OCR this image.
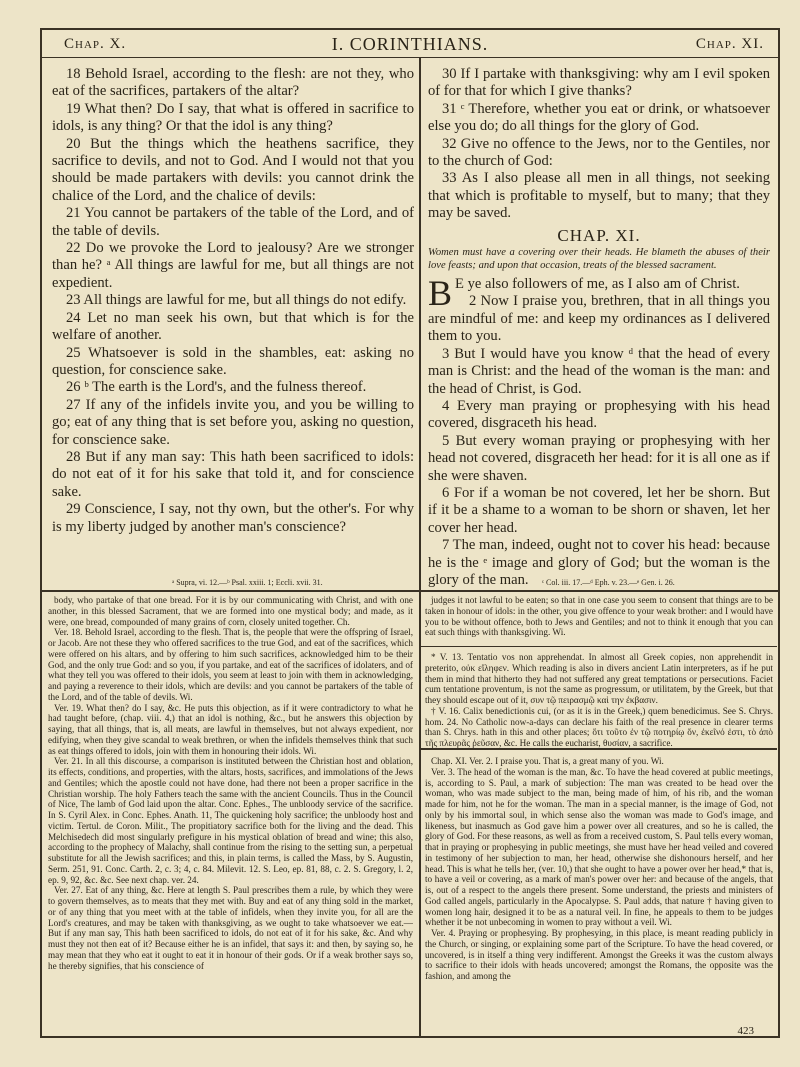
Chap. X.	I. CORINTHIANS.	Chap. XI.

18 Behold Israel, according to the flesh: are not they, who eat of the sacrifices, partakers of the altar?

19 What then? Do I say, that what is offered in sacrifice to idols, is any thing? Or that the idol is any thing?

20 But the things which the heathens sacrifice, they sacrifice to devils, and not to God. And I would not that you should be made partakers with devils: you cannot drink the chalice of the Lord, and the chalice of devils:

21 You cannot be partakers of the table of the Lord, and of the table of devils.

22 Do we provoke the Lord to jealousy? Are we stronger than he? ᵃ All things are lawful for me, but all things are not expedient.

23 All things are lawful for me, but all things do not edify.

24 Let no man seek his own, but that which is for the welfare of another.

25 Whatsoever is sold in the shambles, eat: asking no question, for conscience sake.

26 ᵇ The earth is the Lord's, and the fulness thereof.

27 If any of the infidels invite you, and you be willing to go; eat of any thing that is set before you, asking no question, for conscience sake.

28 But if any man say: This hath been sacrificed to idols: do not eat of it for his sake that told it, and for conscience sake.

29 Conscience, I say, not thy own, but the other's. For why is my liberty judged by another man's conscience?

30 If I partake with thanksgiving: why am I evil spoken of for that for which I give thanks?

31 ᶜ Therefore, whether you eat or drink, or whatsoever else you do; do all things for the glory of God.

32 Give no offence to the Jews, nor to the Gentiles, nor to the church of God:

33 As I also please all men in all things, not seeking that which is profitable to myself, but to many; that they may be saved.

CHAP. XI.
Women must have a covering over their heads. He blameth the abuses of their love feasts; and upon that occasion, treats of the blessed sacrament.

B E ye also followers of me, as I also am of Christ.

2 Now I praise you, brethren, that in all things you are mindful of me: and keep my ordinances as I delivered them to you.

3 But I would have you know ᵈ that the head of every man is Christ: and the head of the woman is the man: and the head of Christ, is God.

4 Every man praying or prophesying with his head covered, disgraceth his head.

5 But every woman praying or prophesying with her head not covered, disgraceth her head: for it is all one as if she were shaven.

6 For if a woman be not covered, let her be shorn. But if it be a shame to a woman to be shorn or shaven, let her cover her head.

7 The man, indeed, ought not to cover his head: because he is the ᵉ image and glory of God; but the woman is the glory of the man.

ᵃ Supra, vi. 12.—ᵇ Psal. xxiii. 1; Eccli. xvii. 31.	ᶜ Col. iii. 17.—ᵈ Eph. v. 23.—ᵉ Gen. i. 26.

body, who partake of that one bread. For it is by our communicating with Christ, and with one another, in this blessed Sacrament, that we are formed into one mystical body; and made, as it were, one bread, compounded of many grains of corn, closely united together. Ch.

Ver. 18. Behold Israel, according to the flesh. That is, the people that were the offspring of Israel, or Jacob. Are not these they who offered sacrifices to the true God, and eat of the sacrifices, which were offered on his altars, and by offering to him such sacrifices, acknowledged him to be their God, and the only true God: and so you, if you partake, and eat of the sacrifices of idolaters, and of what they tell you was offered to their idols, you seem at least to join with them in acknowledging, and paying a reverence to their idols, which are devils: and you cannot be partakers of the table of the Lord, and of the table of devils. Wi.

Ver. 19. What then? do I say, &c. He puts this objection, as if it were contradictory to what he had taught before, (chap. viii. 4,) that an idol is nothing, &c., but he answers this objection by saying, that all things, that is, all meats, are lawful in themselves, but not always expedient, nor edifying, when they give scandal to weak brethren, or when the infidels themselves think that such as eat things offered to idols, join with them in honouring their idols. Wi.

Ver. 21. In all this discourse, a comparison is instituted between the Christian host and oblation, its effects, conditions, and properties, with the altars, hosts, sacrifices, and immolations of the Jews and Gentiles; which the apostle could not have done, had there not been a proper sacrifice in the Christian worship. The holy Fathers teach the same with the ancient Councils. Thus in the Council of Nice, The lamb of God laid upon the altar. Conc. Ephes., The unbloody service of the sacrifice. In S. Cyril Alex. in Conc. Ephes. Anath. 11, The quickening holy sacrifice; the unbloody host and victim. Tertul. de Coron. Milit., The propitiatory sacrifice both for the living and the dead. This Melchisedech did most singularly prefigure in his mystical oblation of bread and wine; this also, according to the prophecy of Malachy, shall continue from the rising to the setting sun, a perpetual substitute for all the Jewish sacrifices; and this, in plain terms, is called the Mass, by S. Augustin, Serm. 251, 91. Conc. Carth. 2, c. 3; 4, c. 84. Milevit. 12. S. Leo, ep. 81, 88, c. 2. S. Gregory, l. 2, ep. 9, 92, &c. &c. See next chap. ver. 24.

Ver. 27. Eat of any thing, &c. Here at length S. Paul prescribes them a rule, by which they were to govern themselves, as to meats that they met with. Buy and eat of any thing sold in the market, or of any thing that you meet with at the table of infidels, when they invite you, for all are the Lord's creatures, and may be taken with thanksgiving, as we ought to take whatsoever we eat.—But if any man say, This hath been sacrificed to idols, do not eat of it for his sake, &c. And why must they not then eat of it? Because either he is an infidel, that says it: and then, by saying so, he may mean that they who eat it ought to eat it in honour of their gods. Or if a weak brother says so, he thereby signifies, that his conscience of

judges it not lawful to be eaten; so that in one case you seem to consent that things are to be taken in honour of idols: in the other, you give offence to your weak brother: and I would have you to be without offence, both to Jews and Gentiles; and not to think it enough that you can eat such things with thanksgiving. Wi.

* V. 13. Tentatio vos non apprehendat. In almost all Greek copies, non apprehendit in preterito, οὐκ εἴληφεν. Which reading is also in divers ancient Latin interpreters, as if he put them in mind that hitherto they had not suffered any great temptations or persecutions. Faciet cum tentatione proventum, is not the same as progressum, or utilitatem, by the Greek, but that they should escape out of it, συν τῷ πειρασμῷ καὶ την ἐκβασιν.

† V. 16. Calix benedictionis cui, (or as it is in the Greek,) quem benedicimus. See S. Chrys. hom. 24. No Catholic now-a-days can declare his faith of the real presence in clearer terms than S. Chrys. hath in this and other places; ὅτι τοῦτο ἐν τῷ ποτηρίῳ ὄν, ἐκεῖνό ἐστι, τὸ ἀπὸ τῆς πλευρᾶς ῥεῦσαν, &c. He calls the eucharist, θυσίαν, a sacrifice.

Chap. XI. Ver. 2. I praise you. That is, a great many of you. Wi.

Ver. 3. The head of the woman is the man, &c. To have the head covered at public meetings, is, according to S. Paul, a mark of subjection: The man was created to be head over the woman, who was made subject to the man, being made of him, of his rib, and the woman made for him, not he for the woman. The man in a special manner, is the image of God, not only by his immortal soul, in which sense also the woman was made to God's image, and likeness, but inasmuch as God gave him a power over all creatures, and so he is called, the glory of God. For these reasons, as well as from a received custom, S. Paul tells every woman, that in praying or prophesying in public meetings, she must have her head veiled and covered in testimony of her subjection to man, her head, otherwise she dishonours herself, and her head. This is what he tells her, (ver. 10,) that she ought to have a power over her head,* that is, to have a veil or covering, as a mark of man's power over her: and because of the angels, that is, out of a respect to the angels there present. Some understand, the priests and ministers of God called angels, particularly in the Apocalypse. S. Paul adds, that nature † having given to women long hair, designed it to be as a natural veil. In fine, he appeals to them to be judges whether it be not unbecoming in women to pray without a veil. Wi.

Ver. 4. Praying or prophesying. By prophesying, in this place, is meant reading publicly in the Church, or singing, or explaining some part of the Scripture. To have the head covered, or uncovered, is in itself a thing very indifferent. Amongst the Greeks it was the custom always to sacrifice to their idols with heads uncovered; amongst the Romans, the opposite was the fashion, and among the

423
